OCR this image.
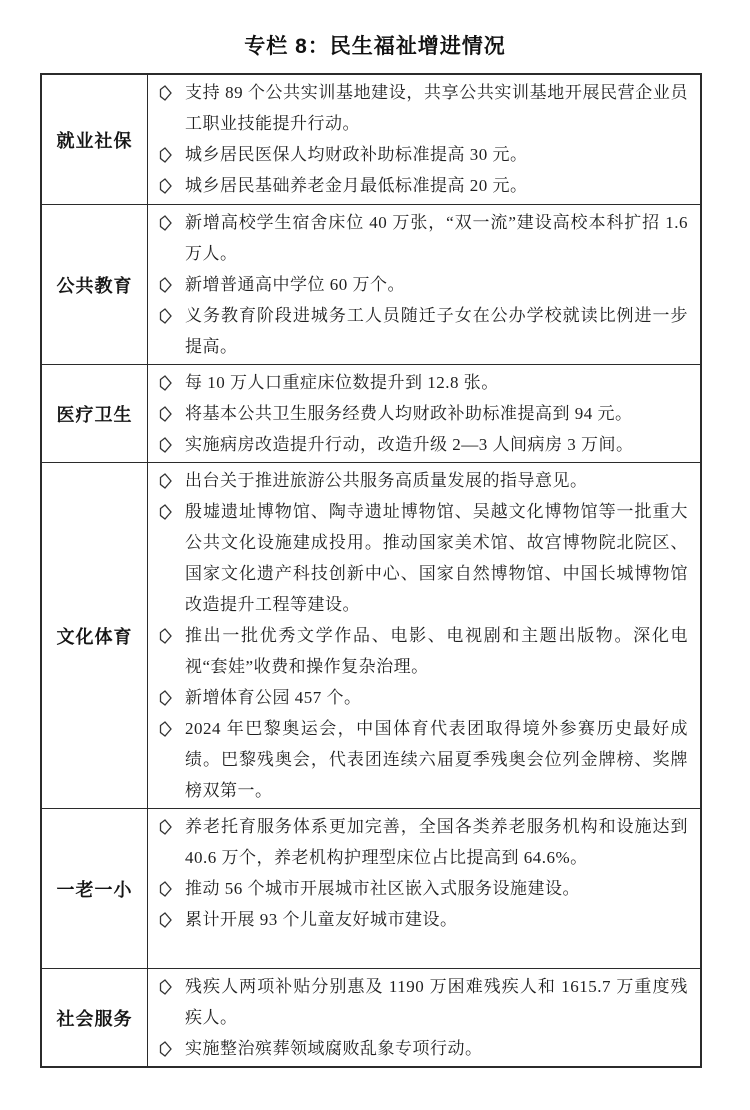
专栏 8：民生福祉增进情况
就业社保
支持 89 个公共实训基地建设，共享公共实训基地开展民营企业员工职业技能提升行动。
城乡居民医保人均财政补助标准提高 30 元。
城乡居民基础养老金月最低标准提高 20 元。
公共教育
新增高校学生宿舍床位 40 万张，“双一流”建设高校本科扩招 1.6 万人。
新增普通高中学位 60 万个。
义务教育阶段进城务工人员随迁子女在公办学校就读比例进一步提高。
医疗卫生
每 10 万人口重症床位数提升到 12.8 张。
将基本公共卫生服务经费人均财政补助标准提高到 94 元。
实施病房改造提升行动，改造升级 2—3 人间病房 3 万间。
文化体育
出台关于推进旅游公共服务高质量发展的指导意见。
殷墟遗址博物馆、陶寺遗址博物馆、吴越文化博物馆等一批重大公共文化设施建成投用。推动国家美术馆、故宫博物院北院区、国家文化遗产科技创新中心、国家自然博物馆、中国长城博物馆改造提升工程等建设。
推出一批优秀文学作品、电影、电视剧和主题出版物。深化电视“套娃”收费和操作复杂治理。
新增体育公园 457 个。
2024 年巴黎奥运会，中国体育代表团取得境外参赛历史最好成绩。巴黎残奥会，代表团连续六届夏季残奥会位列金牌榜、奖牌榜双第一。
一老一小
养老托育服务体系更加完善，全国各类养老服务机构和设施达到 40.6 万个，养老机构护理型床位占比提高到 64.6%。
推动 56 个城市开展城市社区嵌入式服务设施建设。
累计开展 93 个儿童友好城市建设。
社会服务
残疾人两项补贴分别惠及 1190 万困难残疾人和 1615.7 万重度残疾人。
实施整治殡葬领域腐败乱象专项行动。
